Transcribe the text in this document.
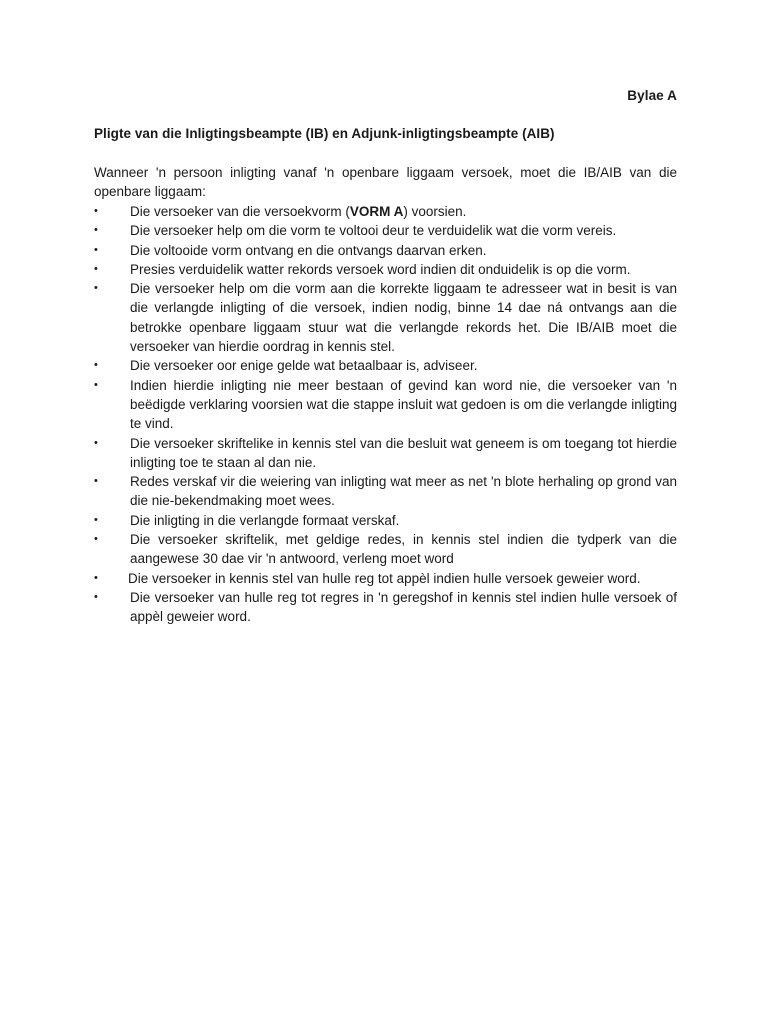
Bylae A
Pligte van die Inligtingsbeampte (IB) en Adjunk-inligtingsbeampte (AIB)
Wanneer 'n persoon inligting vanaf 'n openbare liggaam versoek, moet die IB/AIB van die openbare liggaam:
•	Die versoeker van die versoekvorm (VORM A) voorsien.
•	Die versoeker help om die vorm te voltooi deur te verduidelik wat die vorm vereis.
•	Die voltooide vorm ontvang en die ontvangs daarvan erken.
•	Presies verduidelik watter rekords versoek word indien dit onduidelik is op die vorm.
•	Die versoeker help om die vorm aan die korrekte liggaam te adresseer wat in besit is van die verlangde inligting of die versoek, indien nodig, binne 14 dae ná ontvangs aan die betrokke openbare liggaam stuur wat die verlangde rekords het. Die IB/AIB moet die versoeker van hierdie oordrag in kennis stel.
•	Die versoeker oor enige gelde wat betaalbaar is, adviseer.
•	Indien hierdie inligting nie meer bestaan of gevind kan word nie, die versoeker van 'n beëdigde verklaring voorsien wat die stappe insluit wat gedoen is om die verlangde inligting te vind.
•	Die versoeker skriftelike in kennis stel van die besluit wat geneem is om toegang tot hierdie inligting toe te staan al dan nie.
•	Redes verskaf vir die weiering van inligting wat meer as net 'n blote herhaling op grond van die nie-bekendmaking moet wees.
•	Die inligting in die verlangde formaat verskaf.
•	Die versoeker skriftelik, met geldige redes, in kennis stel indien die tydperk van die aangewese 30 dae vir 'n antwoord, verleng moet word
•	Die versoeker in kennis stel van hulle reg tot appèl indien hulle versoek geweier word.
•	Die versoeker van hulle reg tot regres in 'n geregshof in kennis stel indien hulle versoek of appèl geweier word.
